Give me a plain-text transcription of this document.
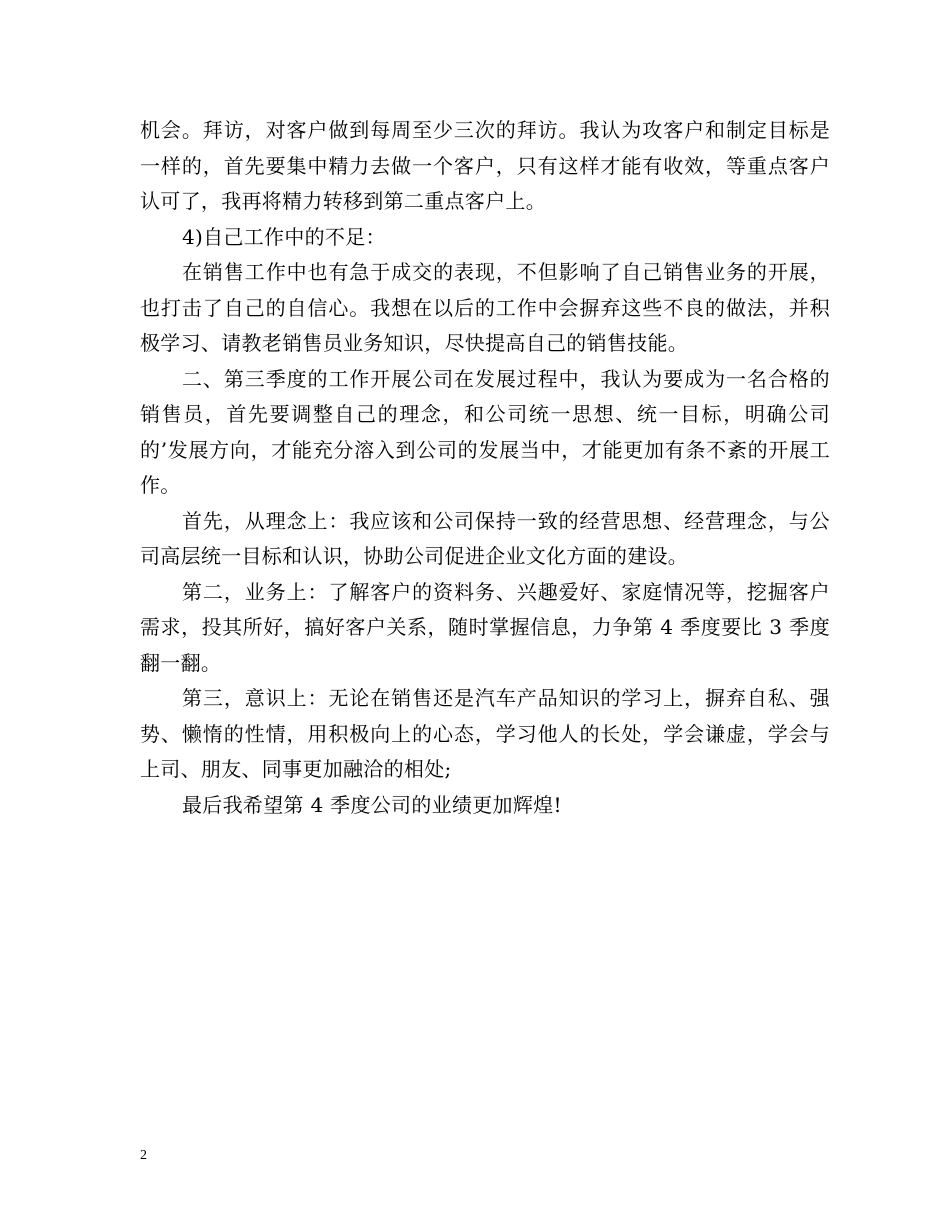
机会。拜访，对客户做到每周至少三次的拜访。我认为攻客户和制定目标是一样的，首先要集中精力去做一个客户，只有这样才能有收效，等重点客户认可了，我再将精力转移到第二重点客户上。

4)自己工作中的不足：

在销售工作中也有急于成交的表现，不但影响了自己销售业务的开展，也打击了自己的自信心。我想在以后的工作中会摒弃这些不良的做法，并积极学习、请教老销售员业务知识，尽快提高自己的销售技能。

二、第三季度的工作开展公司在发展过程中，我认为要成为一名合格的销售员，首先要调整自己的理念，和公司统一思想、统一目标，明确公司的’发展方向，才能充分溶入到公司的发展当中，才能更加有条不紊的开展工作。

首先，从理念上：我应该和公司保持一致的经营思想、经营理念，与公司高层统一目标和认识，协助公司促进企业文化方面的建设。

第二，业务上：了解客户的资料务、兴趣爱好、家庭情况等，挖掘客户需求，投其所好，搞好客户关系，随时掌握信息，力争第 4 季度要比 3 季度翻一翻。

第三，意识上：无论在销售还是汽车产品知识的学习上，摒弃自私、强势、懒惰的性情，用积极向上的心态，学习他人的长处，学会谦虚，学会与上司、朋友、同事更加融洽的相处;

最后我希望第 4 季度公司的业绩更加辉煌!

2
